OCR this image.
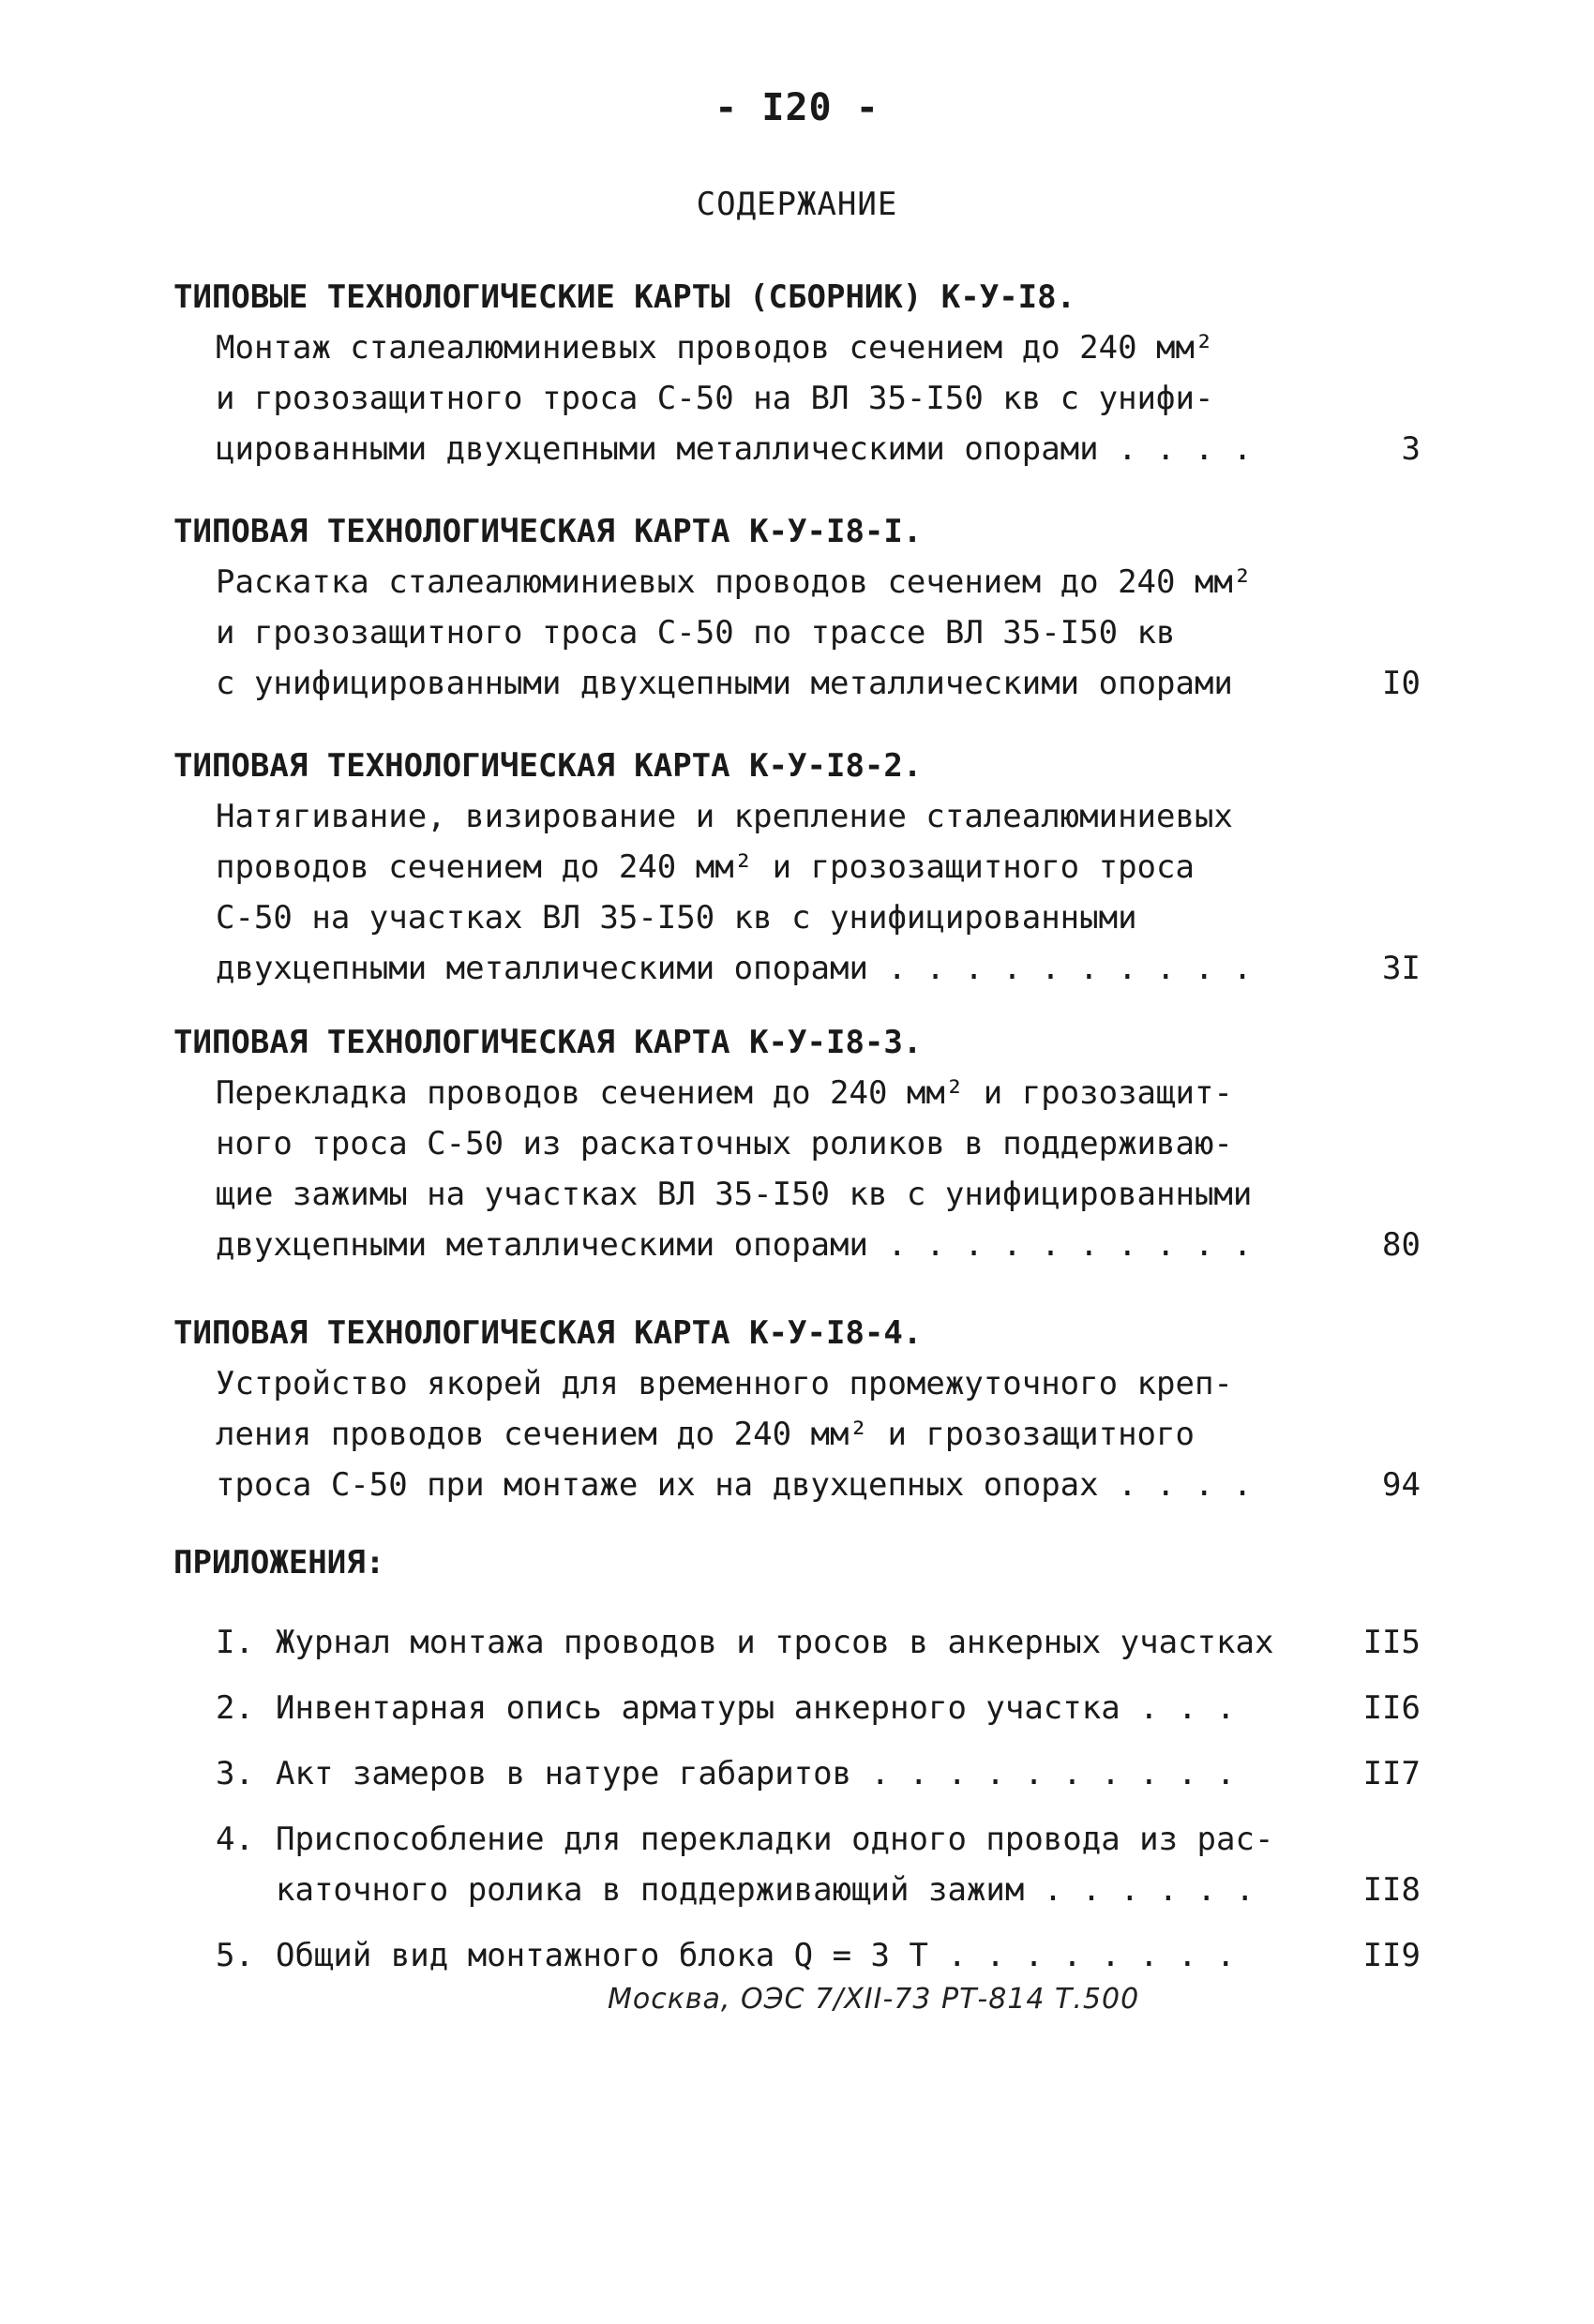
- I20 -
СОДЕРЖАНИЕ
ТИПОВЫЕ ТЕХНОЛОГИЧЕСКИЕ КАРТЫ (СБОРНИК) К-У-I8.
Монтаж сталеалюминиевых проводов сечением до 240 мм²
и грозозащитного троса С-50 на ВЛ 35-I50 кв с унифи-
цированными двухцепными металлическими опорами . . . .	3
ТИПОВАЯ ТЕХНОЛОГИЧЕСКАЯ КАРТА К-У-I8-I.
Раскатка сталеалюминиевых проводов сечением до 240 мм²
и грозозащитного троса С-50 по трассе ВЛ 35-I50 кв
с унифицированными двухцепными металлическими опорами	I0
ТИПОВАЯ ТЕХНОЛОГИЧЕСКАЯ КАРТА К-У-I8-2.
Натягивание, визирование и крепление сталеалюминиевых
проводов сечением до 240 мм² и грозозащитного троса
С-50 на участках ВЛ 35-I50 кв с унифицированными
двухцепными металлическими опорами . . . . . . . . . .	3I
ТИПОВАЯ ТЕХНОЛОГИЧЕСКАЯ КАРТА К-У-I8-3.
Перекладка проводов сечением до 240 мм² и грозозащит-
ного троса С-50 из раскаточных роликов в поддерживаю-
щие зажимы на участках ВЛ 35-I50 кв с унифицированными
двухцепными металлическими опорами . . . . . . . . . .	80
ТИПОВАЯ ТЕХНОЛОГИЧЕСКАЯ КАРТА К-У-I8-4.
Устройство якорей для временного промежуточного креп-
ления проводов сечением до 240 мм² и грозозащитного
троса С-50 при монтаже их на двухцепных опорах . . . .	94
ПРИЛОЖЕНИЯ:
I. Журнал монтажа проводов и тросов в анкерных участках	II5
2. Инвентарная опись арматуры анкерного участка . . .	II6
3. Акт замеров в натуре габаритов . . . . . . . . . .	II7
4. Приспособление для перекладки одного провода из рас-
каточного ролика в поддерживающий зажим . . . . . .	II8
5. Общий вид монтажного блока Q = 3 Т . . . . . . . .	II9
Москва, ОЭС 7/XII-73 РТ-814 Т.500
